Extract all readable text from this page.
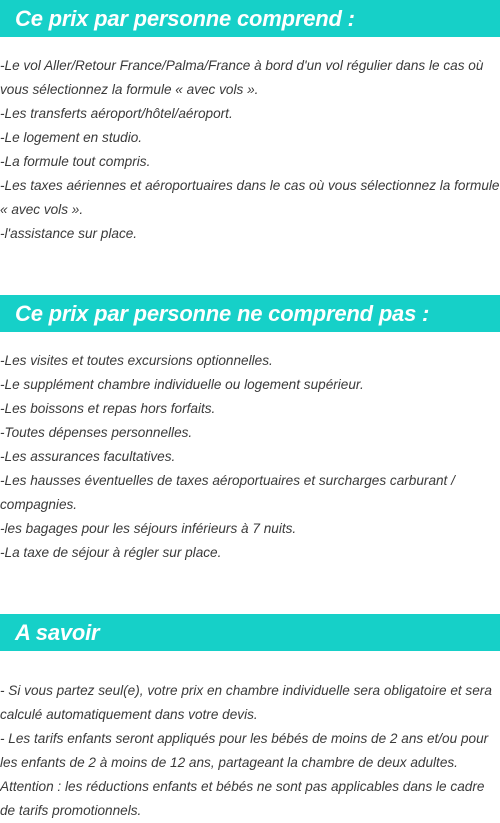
Ce prix par personne comprend :

-Le vol Aller/Retour France/Palma/France à bord d'un vol régulier dans le cas où vous sélectionnez la formule « avec vols ».

-Les transferts aéroport/hôtel/aéroport.

-Le logement en studio.

-La formule tout compris.

-Les taxes aériennes et aéroportuaires dans le cas où vous sélectionnez la formule « avec vols ».

-l'assistance sur place.

Ce prix par personne ne comprend pas :

-Les visites et toutes excursions optionnelles.

-Le supplément chambre individuelle ou logement supérieur.

-Les boissons et repas hors forfaits.

-Toutes dépenses personnelles.

-Les assurances facultatives.

-Les hausses éventuelles de taxes aéroportuaires et surcharges carburant / compagnies.

-les bagages pour les séjours inférieurs à 7 nuits.

-La taxe de séjour à régler sur place.

A savoir

- Si vous partez seul(e), votre prix en chambre individuelle sera obligatoire et sera calculé automatiquement dans votre devis.

- Les tarifs enfants seront appliqués pour les bébés de moins de 2 ans et/ou pour les enfants de 2 à moins de 12 ans, partageant la chambre de deux adultes.

Attention : les réductions enfants et bébés ne sont pas applicables dans le cadre de tarifs promotionnels.
